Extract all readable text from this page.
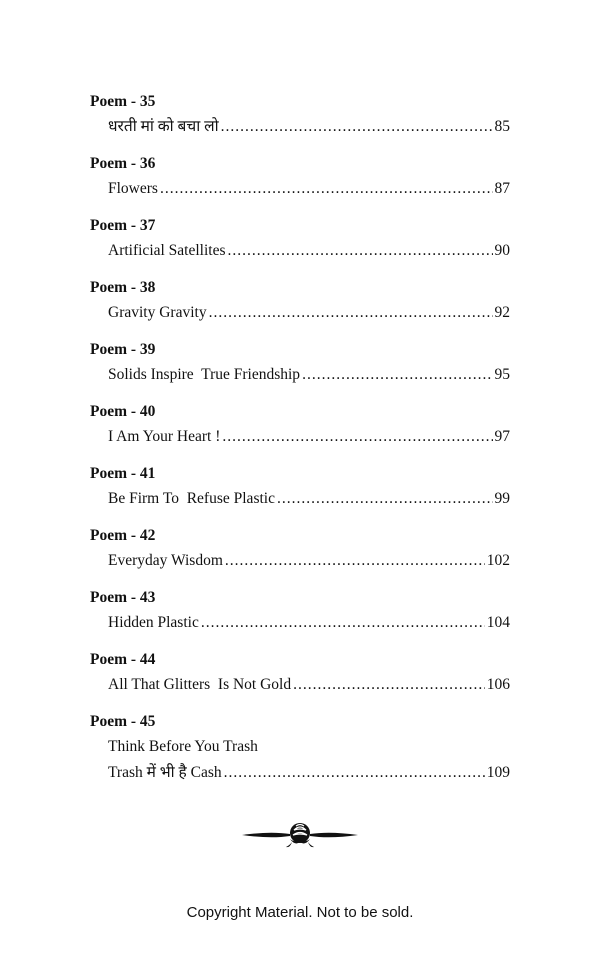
Poem - 35
धरती मां को बचा लो .....	85
Poem - 36
Flowers .....	87
Poem - 37
Artificial Satellites .....	90
Poem - 38
Gravity Gravity .....	92
Poem - 39
Solids Inspire  True Friendship .....	95
Poem - 40
I Am Your Heart ! .....	97
Poem - 41
Be Firm To  Refuse Plastic .....	99
Poem - 42
Everyday Wisdom .....	102
Poem - 43
Hidden Plastic .....	104
Poem - 44
All That Glitters  Is Not Gold .....	106
Poem - 45
Think Before You Trash
Trash में भी है Cash .....	109
Copyright Material. Not to be sold.
